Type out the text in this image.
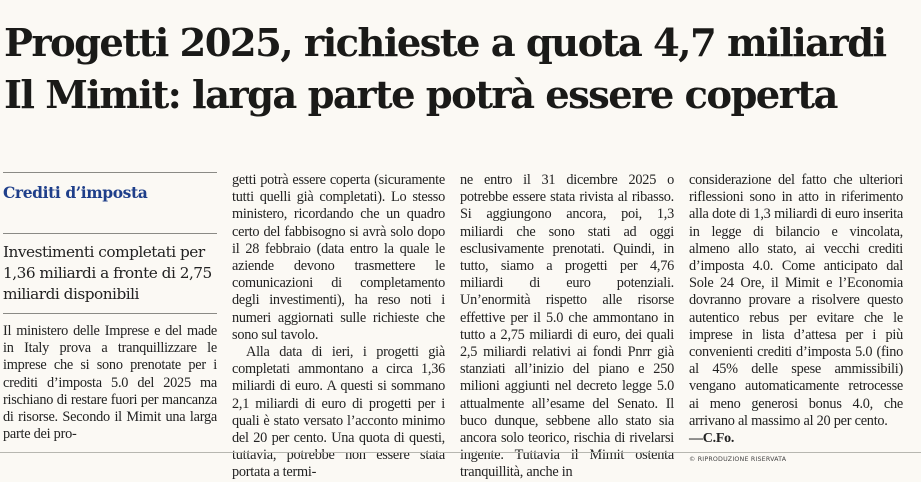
Progetti 2025, richieste a quota 4,7 miliardi
Il Mimit: larga parte potrà essere coperta
Crediti d’imposta
Investimenti completati per 1,36 miliardi a fronte di 2,75 miliardi disponibili

Il ministero delle Imprese e del made in Italy prova a tranquillizzare le imprese che si sono prenotate per i crediti d’imposta 5.0 del 2025 ma rischiano di restare fuori per mancanza di risorse. Secondo il Mimit una larga parte dei pro-

getti potrà essere coperta (sicuramente tutti quelli già completati). Lo stesso ministero, ricordando che un quadro certo del fabbisogno si avrà solo dopo il 28 febbraio (data entro la quale le aziende devono trasmettere le comunicazioni di completamento degli investimenti), ha reso noti i numeri aggiornati sulle richieste che sono sul tavolo.

Alla data di ieri, i progetti già completati ammontano a circa 1,36 miliardi di euro. A questi si sommano 2,1 miliardi di euro di progetti per i quali è stato versato l’acconto minimo del 20 per cento. Una quota di questi, tuttavia, potrebbe non essere stata portata a termi-

ne entro il 31 dicembre 2025 o potrebbe essere stata rivista al ribasso. Si aggiungono ancora, poi, 1,3 miliardi che sono stati ad oggi esclusivamente prenotati. Quindi, in tutto, siamo a progetti per 4,76 miliardi di euro potenziali. Un’enormità rispetto alle risorse effettive per il 5.0 che ammontano in tutto a 2,75 miliardi di euro, dei quali 2,5 miliardi relativi ai fondi Pnrr già stanziati all’inizio del piano e 250 milioni aggiunti nel decreto legge 5.0 attualmente all’esame del Senato. Il buco dunque, sebbene allo stato sia ancora solo teorico, rischia di rivelarsi ingente. Tuttavia il Mimit ostenta tranquillità, anche in

considerazione del fatto che ulteriori riflessioni sono in atto in riferimento alla dote di 1,3 miliardi di euro inserita in legge di bilancio e vincolata, almeno allo stato, ai vecchi crediti d’imposta 4.0. Come anticipato dal Sole 24 Ore, il Mimit e l’Economia dovranno provare a risolvere questo autentico rebus per evitare che le imprese in lista d’attesa per i più convenienti crediti d’imposta 5.0 (fino al 45% delle spese ammissibili) vengano automaticamente retrocesse ai meno generosi bonus 4.0, che arrivano al massimo al 20 per cento.

—C.Fo.
© RIPRODUZIONE RISERVATA
